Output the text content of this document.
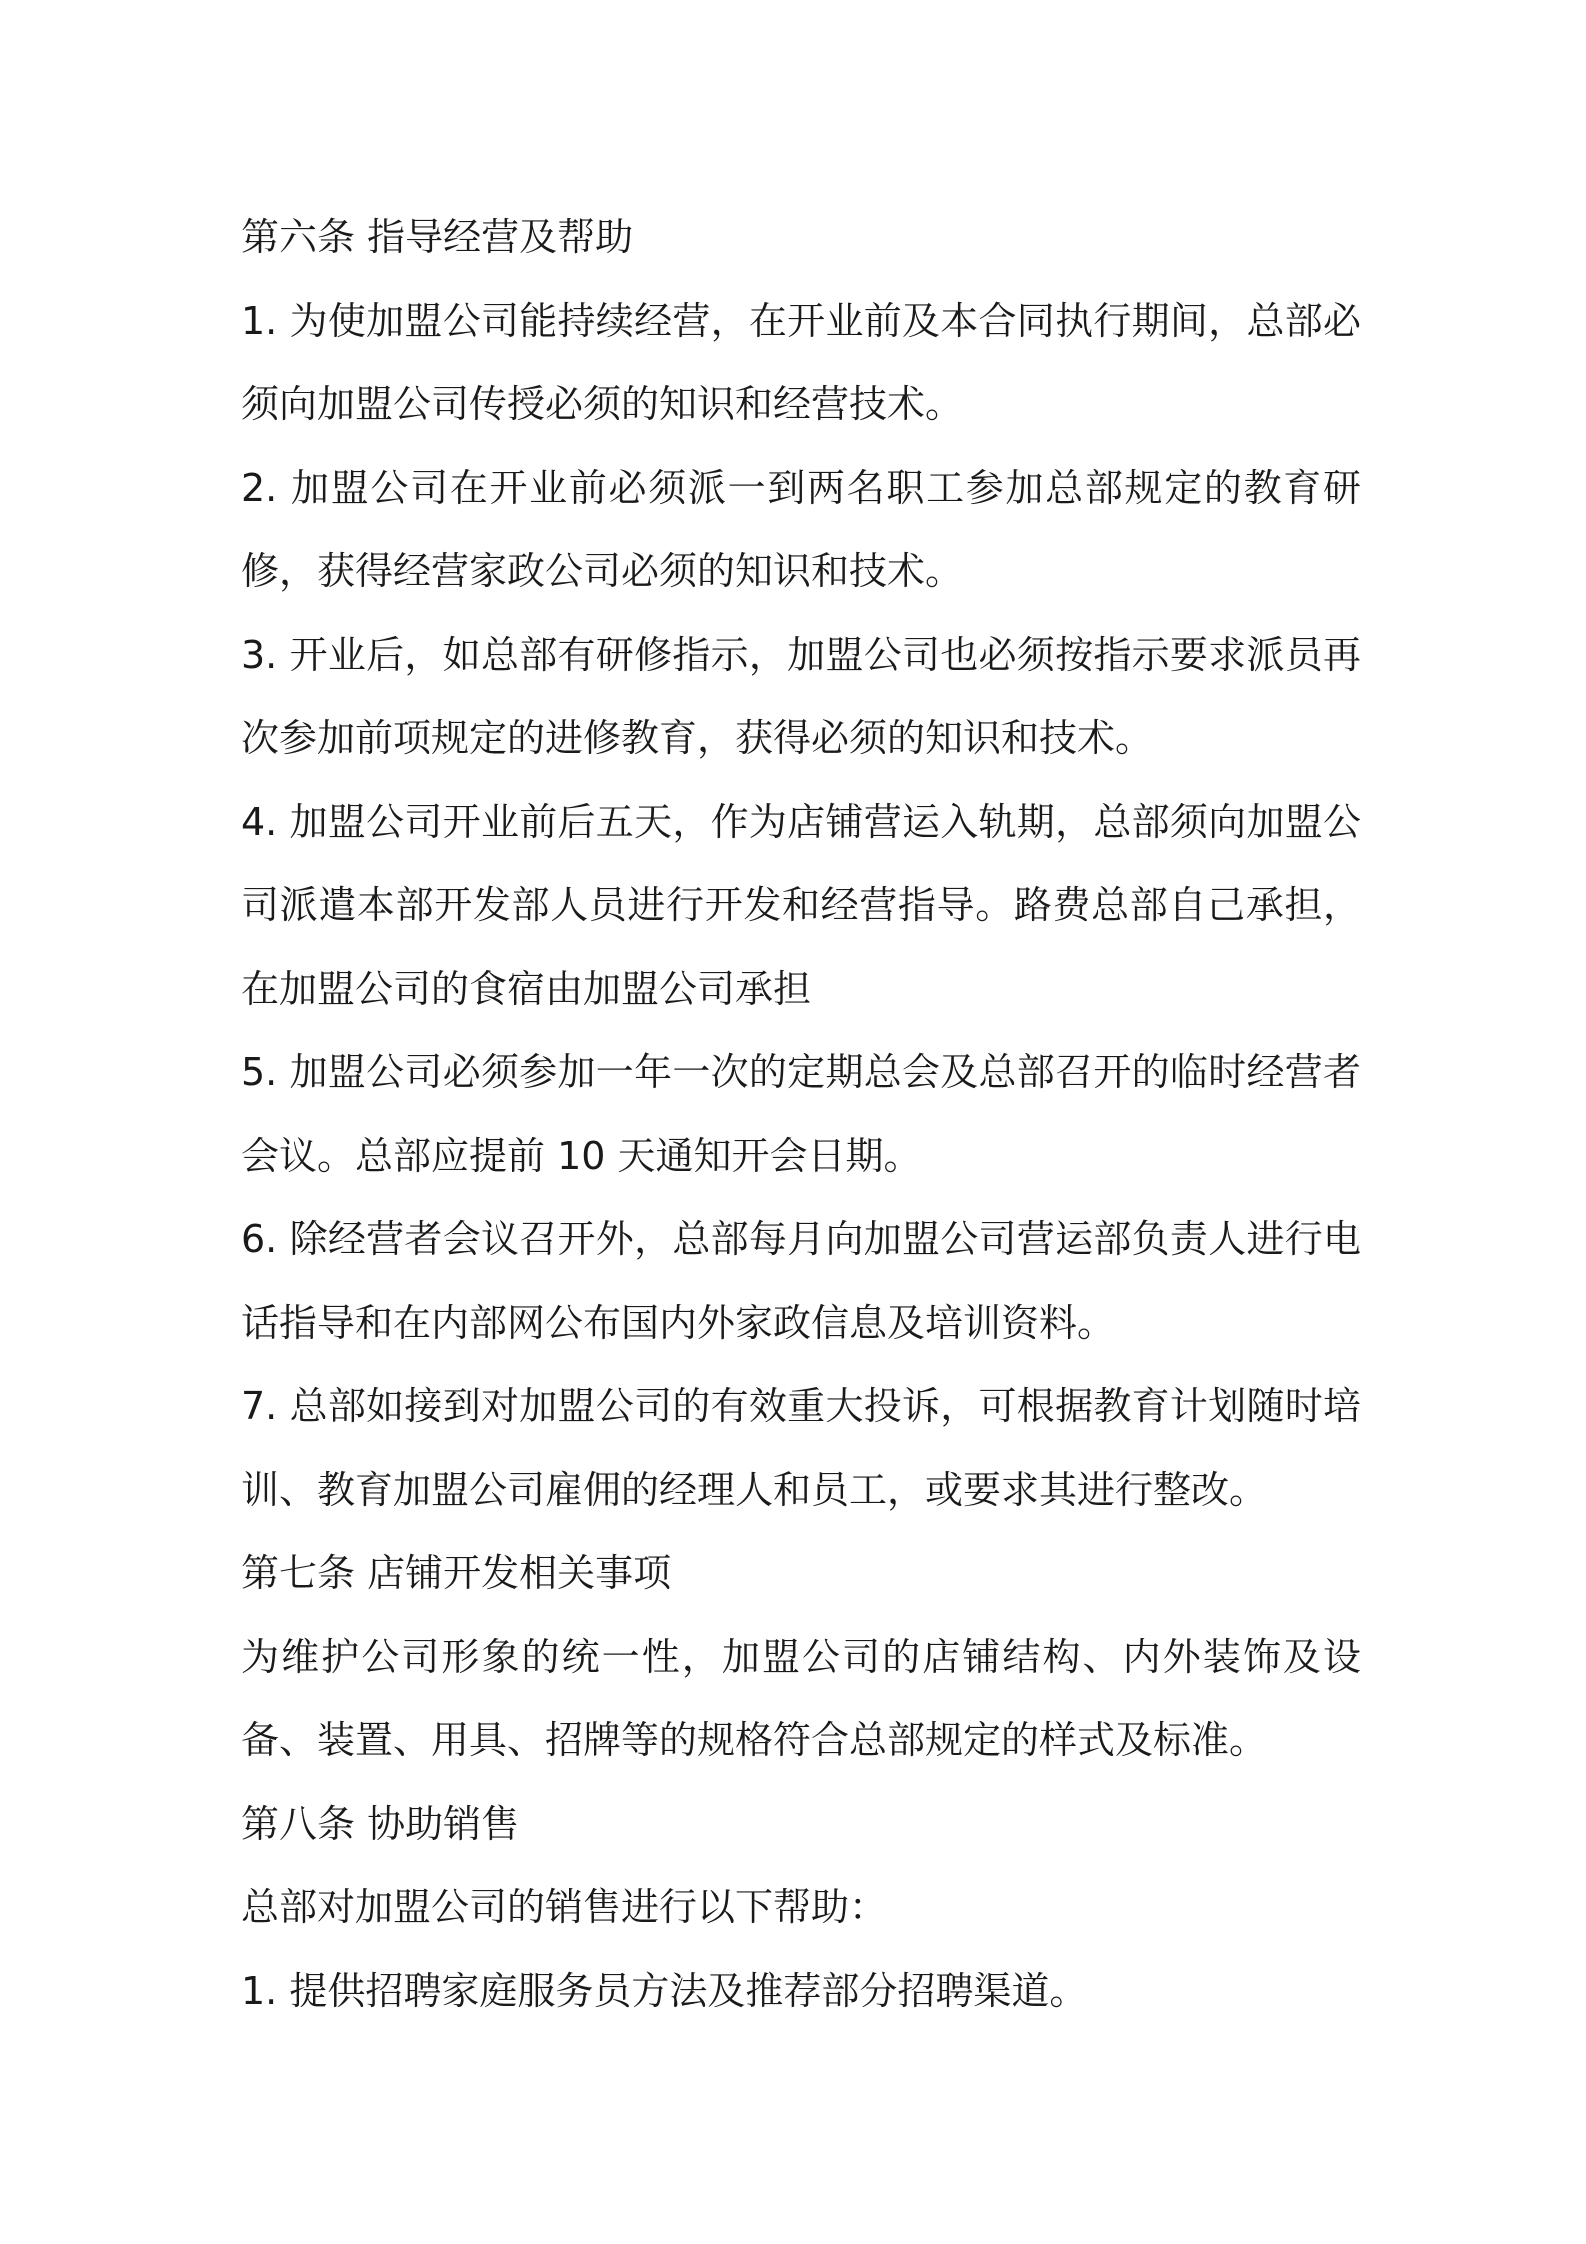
第六条 指导经营及帮助

1. 为使加盟公司能持续经营，在开业前及本合同执行期间，总部必须向加盟公司传授必须的知识和经营技术。

2. 加盟公司在开业前必须派一到两名职工参加总部规定的教育研修，获得经营家政公司必须的知识和技术。

3. 开业后，如总部有研修指示，加盟公司也必须按指示要求派员再次参加前项规定的进修教育，获得必须的知识和技术。

4. 加盟公司开业前后五天，作为店铺营运入轨期，总部须向加盟公司派遣本部开发部人员进行开发和经营指导。路费总部自己承担，在加盟公司的食宿由加盟公司承担

5. 加盟公司必须参加一年一次的定期总会及总部召开的临时经营者会议。总部应提前 10 天通知开会日期。

6. 除经营者会议召开外，总部每月向加盟公司营运部负责人进行电话指导和在内部网公布国内外家政信息及培训资料。

7. 总部如接到对加盟公司的有效重大投诉，可根据教育计划随时培训、教育加盟公司雇佣的经理人和员工，或要求其进行整改。

第七条 店铺开发相关事项

为维护公司形象的统一性，加盟公司的店铺结构、内外装饰及设备、装置、用具、招牌等的规格符合总部规定的样式及标准。

第八条 协助销售

总部对加盟公司的销售进行以下帮助：

1. 提供招聘家庭服务员方法及推荐部分招聘渠道。
